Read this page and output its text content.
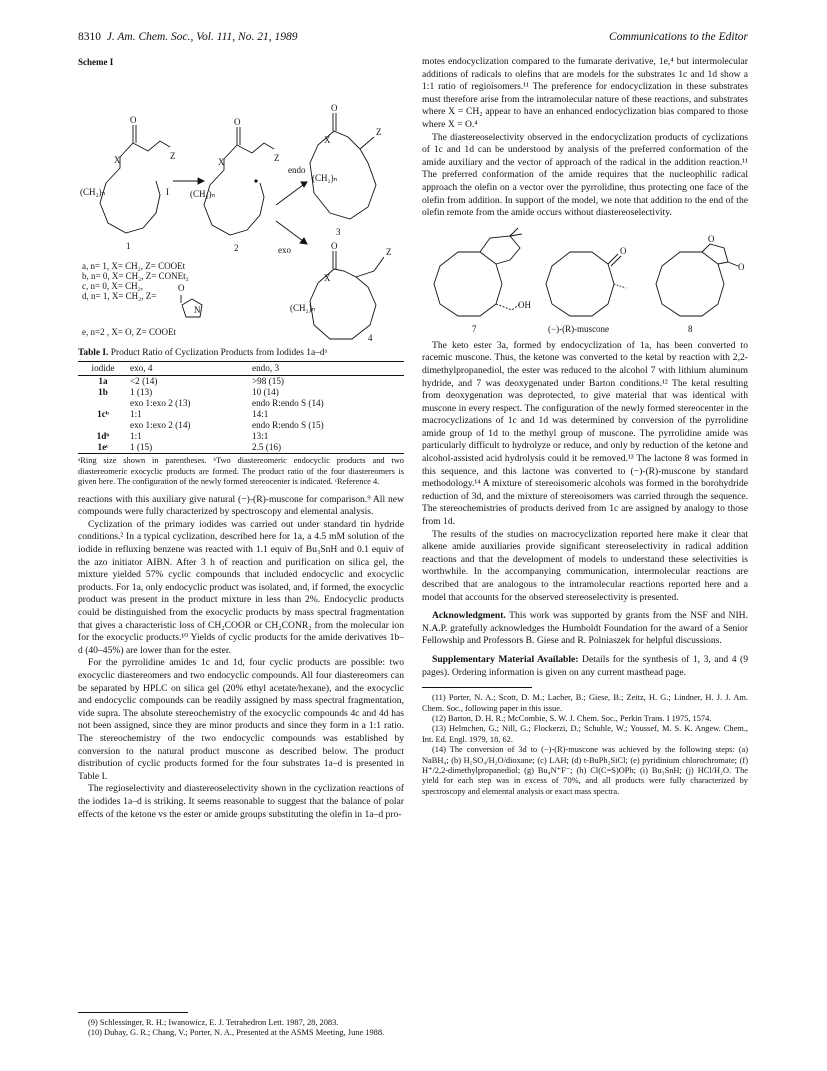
8310 J. Am. Chem. Soc., Vol. 111, No. 21, 1989	Communications to the Editor
Scheme I
O
X	Z
I
(CH₂)ₙ
1
O
X	Z
(CH₂)ₙ
2
endo
exo
O
X
Z
(CH₂)ₙ
3
O
X
Z
(CH₂)ₙ
4
a, n= 1, X= CH₂, Z= COOEt
b, n= 0, X= CH₂, Z= CONEt₂
c, n= 0, X= CH₂,
d, n= 1, X= CH₂, Z=
O
N
e, n=2 , X= O, Z= COOEt
Table I. Product Ratio of Cyclization Products from Iodides 1a–dᵃ
iodide	exo, 4	endo, 3
1a	<2 (14)	>98 (15)
1b	1 (13)	10 (14)
	exo 1:exo 2 (13)	endo R:endo S (14)
1cᵇ	1:1	14:1
	exo 1:exo 2 (14)	endo R:endo S (15)
1dᵇ	1:1	13:1
1eᶜ	1 (15)	2.5 (16)
ᵃRing size shown in parentheses. ᵇTwo diastereomeric endocyclic products and two diastereomeric exocyclic products are formed. The product ratio of the four diastereomers is given here. The configuration of the newly formed stereocenter is indicated. ᶜReference 4.

reactions with this auxiliary give natural (−)-(R)-muscone for comparison.⁹ All new compounds were fully characterized by spectroscopy and elemental analysis.

Cyclization of the primary iodides was carried out under standard tin hydride conditions.² In a typical cyclization, described here for 1a, a 4.5 mM solution of the iodide in refluxing benzene was reacted with 1.1 equiv of Bu₃SnH and 0.1 equiv of the azo initiator AIBN. After 3 h of reaction and purification on silica gel, the mixture yielded 57% cyclic compounds that included endocyclic and exocyclic products. For 1a, only endocyclic product was isolated, and, if formed, the exocyclic product was present in the product mixture in less than 2%. Endocyclic products could be distinguished from the exocyclic products by mass spectral fragmentation that gives a characteristic loss of CH₂COOR or CH₂CONR₂ from the molecular ion for the exocyclic products.¹⁰ Yields of cyclic products for the amide derivatives 1b–d (40–45%) are lower than for the ester.

For the pyrrolidine amides 1c and 1d, four cyclic products are possible: two exocyclic diastereomers and two endocyclic compounds. All four diastereomers can be separated by HPLC on silica gel (20% ethyl acetate/hexane), and the exocyclic and endocyclic compounds can be readily assigned by mass spectral fragmentation, vide supra. The absolute stereochemistry of the exocyclic compounds 4c and 4d has not been assigned, since they are minor products and since they form in a 1:1 ratio. The stereochemistry of the two endocyclic compounds was established by conversion to the natural product muscone as described below. The product distribution of cyclic products formed for the four substrates 1a–d is presented in Table I.

The regioselectivity and diastereoselectivity shown in the cyclization reactions of the iodides 1a–d is striking. It seems reasonable to suggest that the balance of polar effects of the ketone vs the ester or amide groups substituting the olefin in 1a–d pro-

(9) Schlessinger, R. H.; Iwanowicz, E. J. Tetrahedron Lett. 1987, 28, 2083.
(10) Dubay, G. R.; Chang, V.; Porter, N. A., Presented at the ASMS Meeting, June 1988.

motes endocyclization compared to the fumarate derivative, 1e,⁴ but intermolecular additions of radicals to olefins that are models for the substrates 1c and 1d show a 1:1 ratio of regioisomers.¹¹ The preference for endocyclization in these substrates must therefore arise from the intramolecular nature of these reactions, and substrates where X = CH₂ appear to have an enhanced endocyclization bias compared to those where X = O.⁴

The diastereoselectivity observed in the endocyclization products of cyclizations of 1c and 1d can be understood by analysis of the preferred conformation of the amide auxiliary and the vector of approach of the radical in the addition reaction.¹¹ The preferred conformation of the amide requires that the nucleophilic radical approach the olefin on a vector over the pyrrolidine, thus protecting one face of the olefin from addition. In support of the model, we note that addition to the end of the olefin remote from the amide occurs without diastereoselectivity.

OH
O
O
O
7	(−)-(R)-muscone	8

The keto ester 3a, formed by endocyclization of 1a, has been converted to racemic muscone. Thus, the ketone was converted to the ketal by reaction with 2,2-dimethylpropanediol, the ester was reduced to the alcohol 7 with lithium aluminum hydride, and 7 was deoxygenated under Barton conditions.¹² The ketal resulting from deoxygenation was deprotected, to give material that was identical with muscone in every respect. The configuration of the newly formed stereocenter in the macrocyclizations of 1c and 1d was determined by conversion of the pyrrolidine amide group of 1d to the methyl group of muscone. The pyrrolidine amide was particularly difficult to hydrolyze or reduce, and only by reduction of the ketone and alcohol-assisted acid hydrolysis could it be removed.¹³ The lactone 8 was formed in this sequence, and this lactone was converted to (−)-(R)-muscone by standard methodology.¹⁴ A mixture of stereoisomeric alcohols was formed in the borohydride reduction of 3d, and the mixture of stereoisomers was carried through the sequence. The stereochemistries of products derived from 1c are assigned by analogy to those from 1d.

The results of the studies on macrocyclization reported here make it clear that alkene amide auxiliaries provide significant stereoselectivity in radical addition reactions and that the development of models to understand these selectivities is worthwhile. In the accompanying communication, intermolecular reactions are described that are analogous to the intramolecular reactions reported here and a model that accounts for the observed stereoselectivity is presented.

Acknowledgment. This work was supported by grants from the NSF and NIH. N.A.P. gratefully acknowledges the Humboldt Foundation for the award of a Senior Fellowship and Professors B. Giese and R. Polniaszek for helpful discussions.

Supplementary Material Available: Details for the synthesis of 1, 3, and 4 (9 pages). Ordering information is given on any current masthead page.

(11) Porter, N. A.; Scott, D. M.; Lacher, B.; Giese, B.; Zeitz, H. G.; Lindner, H. J. J. Am. Chem. Soc., following paper in this issue.
(12) Barton, D. H. R.; McCombie, S. W. J. Chem. Soc., Perkin Trans. I 1975, 1574.
(13) Helmchen, G.; Nill, G.; Flockerzi, D.; Schuhle, W.; Youssef, M. S. K. Angew. Chem., Int. Ed. Engl. 1979, 18, 62.
(14) The conversion of 3d to (−)-(R)-muscone was achieved by the following steps: (a) NaBH₄; (b) H₂SO₄/H₂O/dioxane; (c) LAH; (d) t-BuPh₂SiCl; (e) pyridinium chlorochromate; (f) H⁺/2,2-dimethylpropanediol; (g) Bu₄N⁺F⁻; (h) Cl(C=S)OPh; (i) Bu₃SnH; (j) HCl/H₂O. The yield for each step was in excess of 70%, and all products were fully characterized by spectroscopy and elemental analysis or exact mass spectra.
